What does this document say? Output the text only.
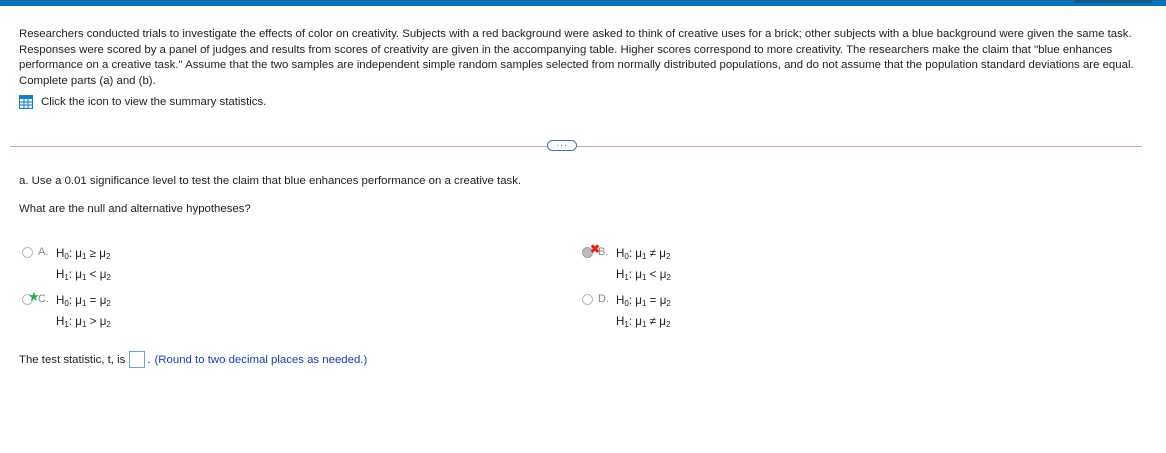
Researchers conducted trials to investigate the effects of color on creativity. Subjects with a red background were asked to think of creative uses for a brick; other subjects with a blue background were given the same task. Responses were scored by a panel of judges and results from scores of creativity are given in the accompanying table. Higher scores correspond to more creativity. The researchers make the claim that "blue enhances performance on a creative task." Assume that the two samples are independent simple random samples selected from normally distributed populations, and do not assume that the population standard deviations are equal. Complete parts (a) and (b).
Click the icon to view the summary statistics.
···
a. Use a 0.01 significance level to test the claim that blue enhances performance on a creative task.
What are the null and alternative hypotheses?
A. $H_0$: $\mu_1 \ge \mu_2$
$H_1$: $\mu_1 < \mu_2$
✖
B. $H_0$: $\mu_1 \ne \mu_2$
$H_1$: $\mu_1 < \mu_2$
★
C. $H_0$: $\mu_1 = \mu_2$
$H_1$: $\mu_1 > \mu_2$
D. $H_0$: $\mu_1 = \mu_2$
$H_1$: $\mu_1 \ne \mu_2$
The test statistic, t, is . (Round to two decimal places as needed.)
